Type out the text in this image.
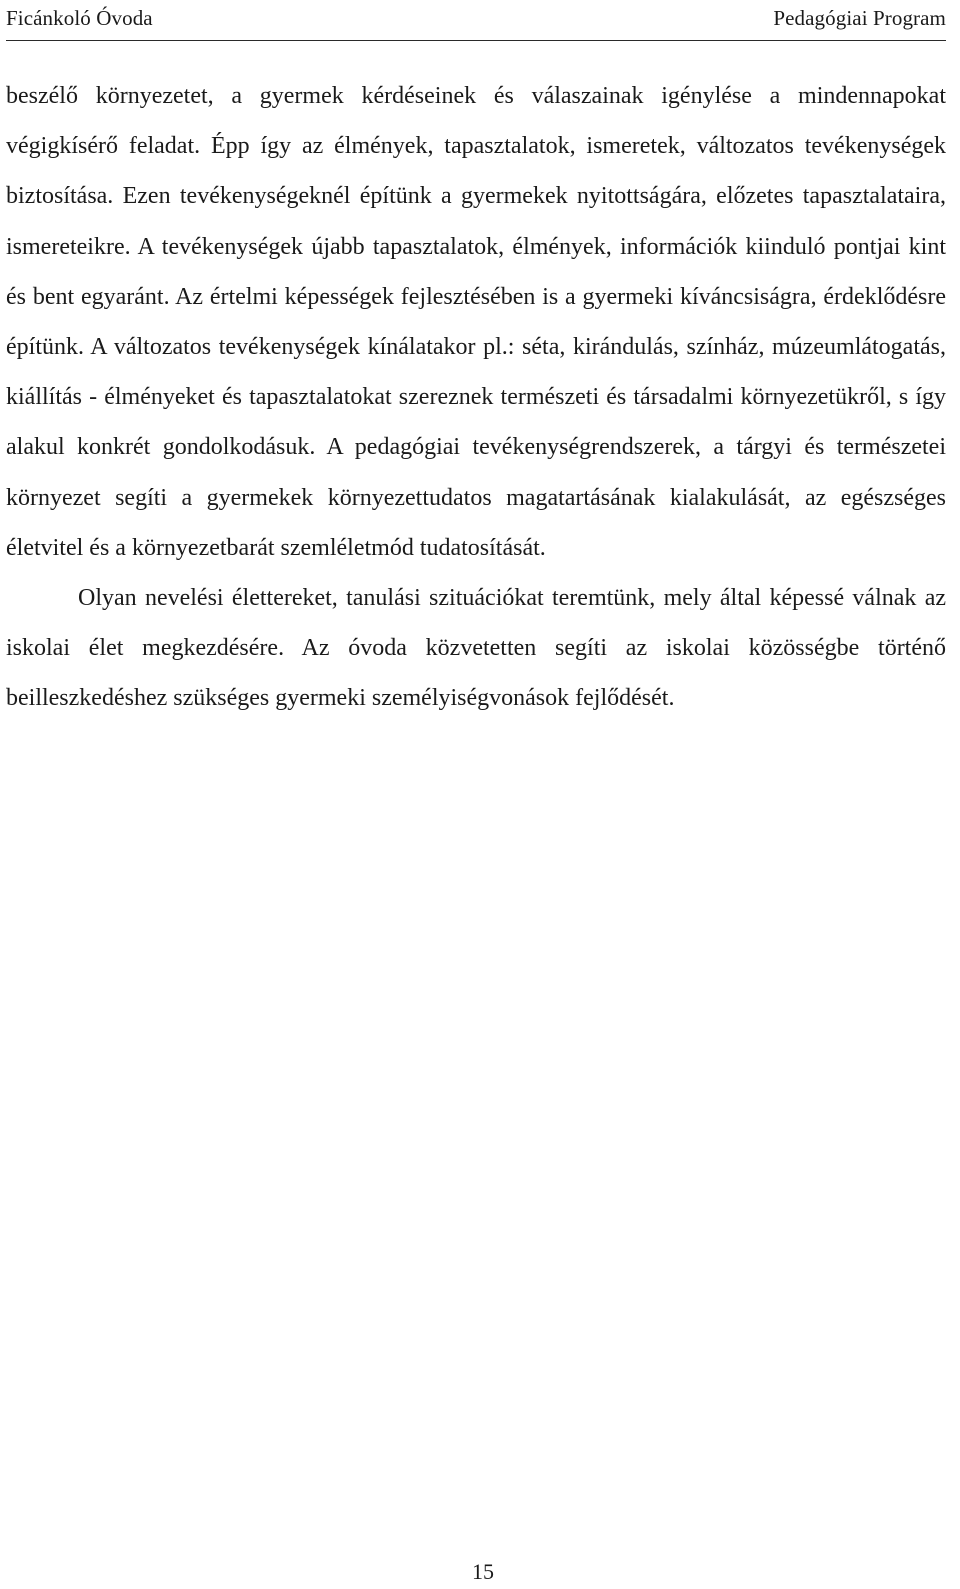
Ficánkoló Óvoda	Pedagógiai Program

beszélő környezetet, a gyermek kérdéseinek és válaszainak igénylése a mindennapokat végigkísérő feladat. Épp így az élmények, tapasztalatok, ismeretek, változatos tevékenységek biztosítása. Ezen tevékenységeknél építünk a gyermekek nyitottságára, előzetes tapasztalataira, ismereteikre. A tevékenységek újabb tapasztalatok, élmények, információk kiinduló pontjai kint és bent egyaránt. Az értelmi képességek fejlesztésében is a gyermeki kíváncsiságra, érdeklődésre építünk. A változatos tevékenységek kínálatakor pl.: séta, kirándulás, színház, múzeumlátogatás, kiállítás - élményeket és tapasztalatokat szereznek természeti és társadalmi környezetükről, s így alakul konkrét gondolkodásuk. A pedagógiai tevékenységrendszerek, a tárgyi és természetei környezet segíti a gyermekek környezettudatos magatartásának kialakulását, az egészséges életvitel és a környezetbarát szemléletmód tudatosítását.

Olyan nevelési élettereket, tanulási szituációkat teremtünk, mely által képessé válnak az iskolai élet megkezdésére. Az óvoda közvetetten segíti az iskolai közösségbe történő beilleszkedéshez szükséges gyermeki személyiségvonások fejlődését.

15
